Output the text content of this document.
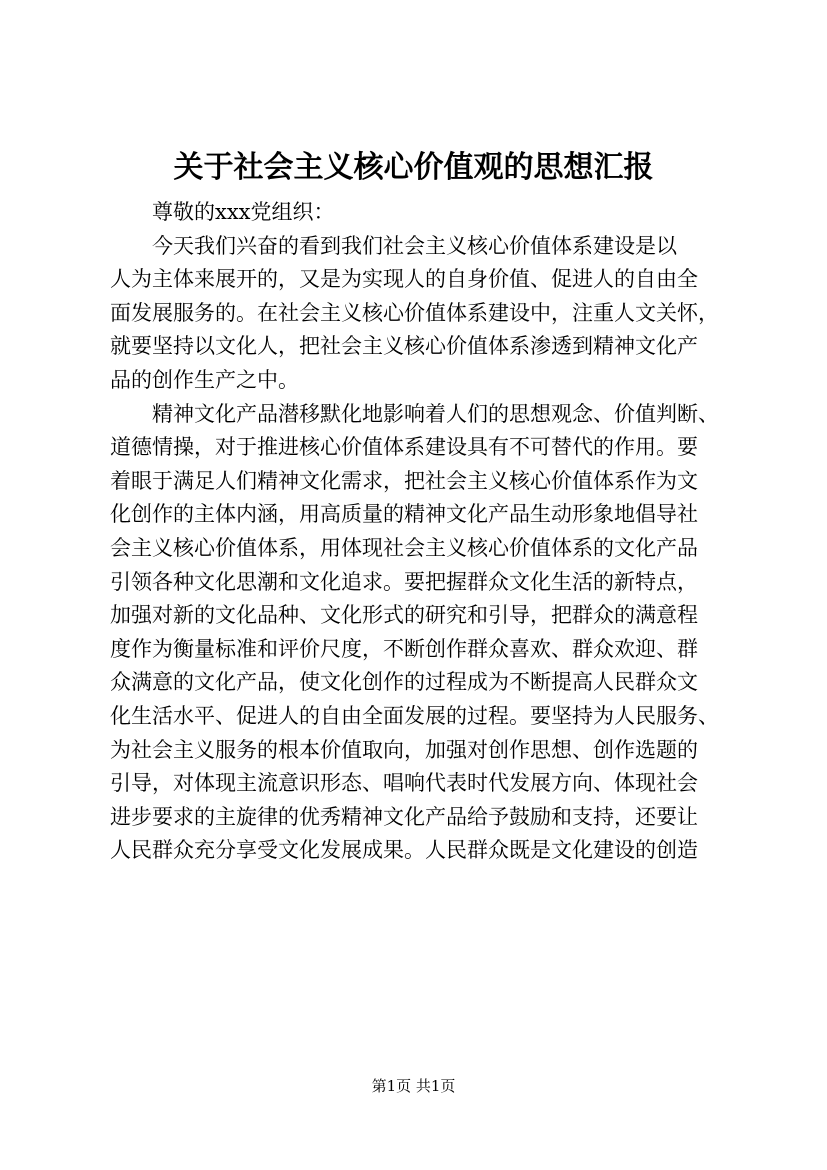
关于社会主义核心价值观的思想汇报
尊敬的xxx党组织：
今天我们兴奋的看到我们社会主义核心价值体系建设是以
人为主体来展开的，又是为实现人的自身价值、促进人的自由全
面发展服务的。在社会主义核心价值体系建设中，注重人文关怀，
就要坚持以文化人，把社会主义核心价值体系渗透到精神文化产
品的创作生产之中。
精神文化产品潜移默化地影响着人们的思想观念、价值判断、
道德情操，对于推进核心价值体系建设具有不可替代的作用。要
着眼于满足人们精神文化需求，把社会主义核心价值体系作为文
化创作的主体内涵，用高质量的精神文化产品生动形象地倡导社
会主义核心价值体系，用体现社会主义核心价值体系的文化产品
引领各种文化思潮和文化追求。要把握群众文化生活的新特点，
加强对新的文化品种、文化形式的研究和引导，把群众的满意程
度作为衡量标准和评价尺度，不断创作群众喜欢、群众欢迎、群
众满意的文化产品，使文化创作的过程成为不断提高人民群众文
化生活水平、促进人的自由全面发展的过程。要坚持为人民服务、
为社会主义服务的根本价值取向，加强对创作思想、创作选题的
引导，对体现主流意识形态、唱响代表时代发展方向、体现社会
进步要求的主旋律的优秀精神文化产品给予鼓励和支持，还要让
人民群众充分享受文化发展成果。人民群众既是文化建设的创造
第1页 共1页
